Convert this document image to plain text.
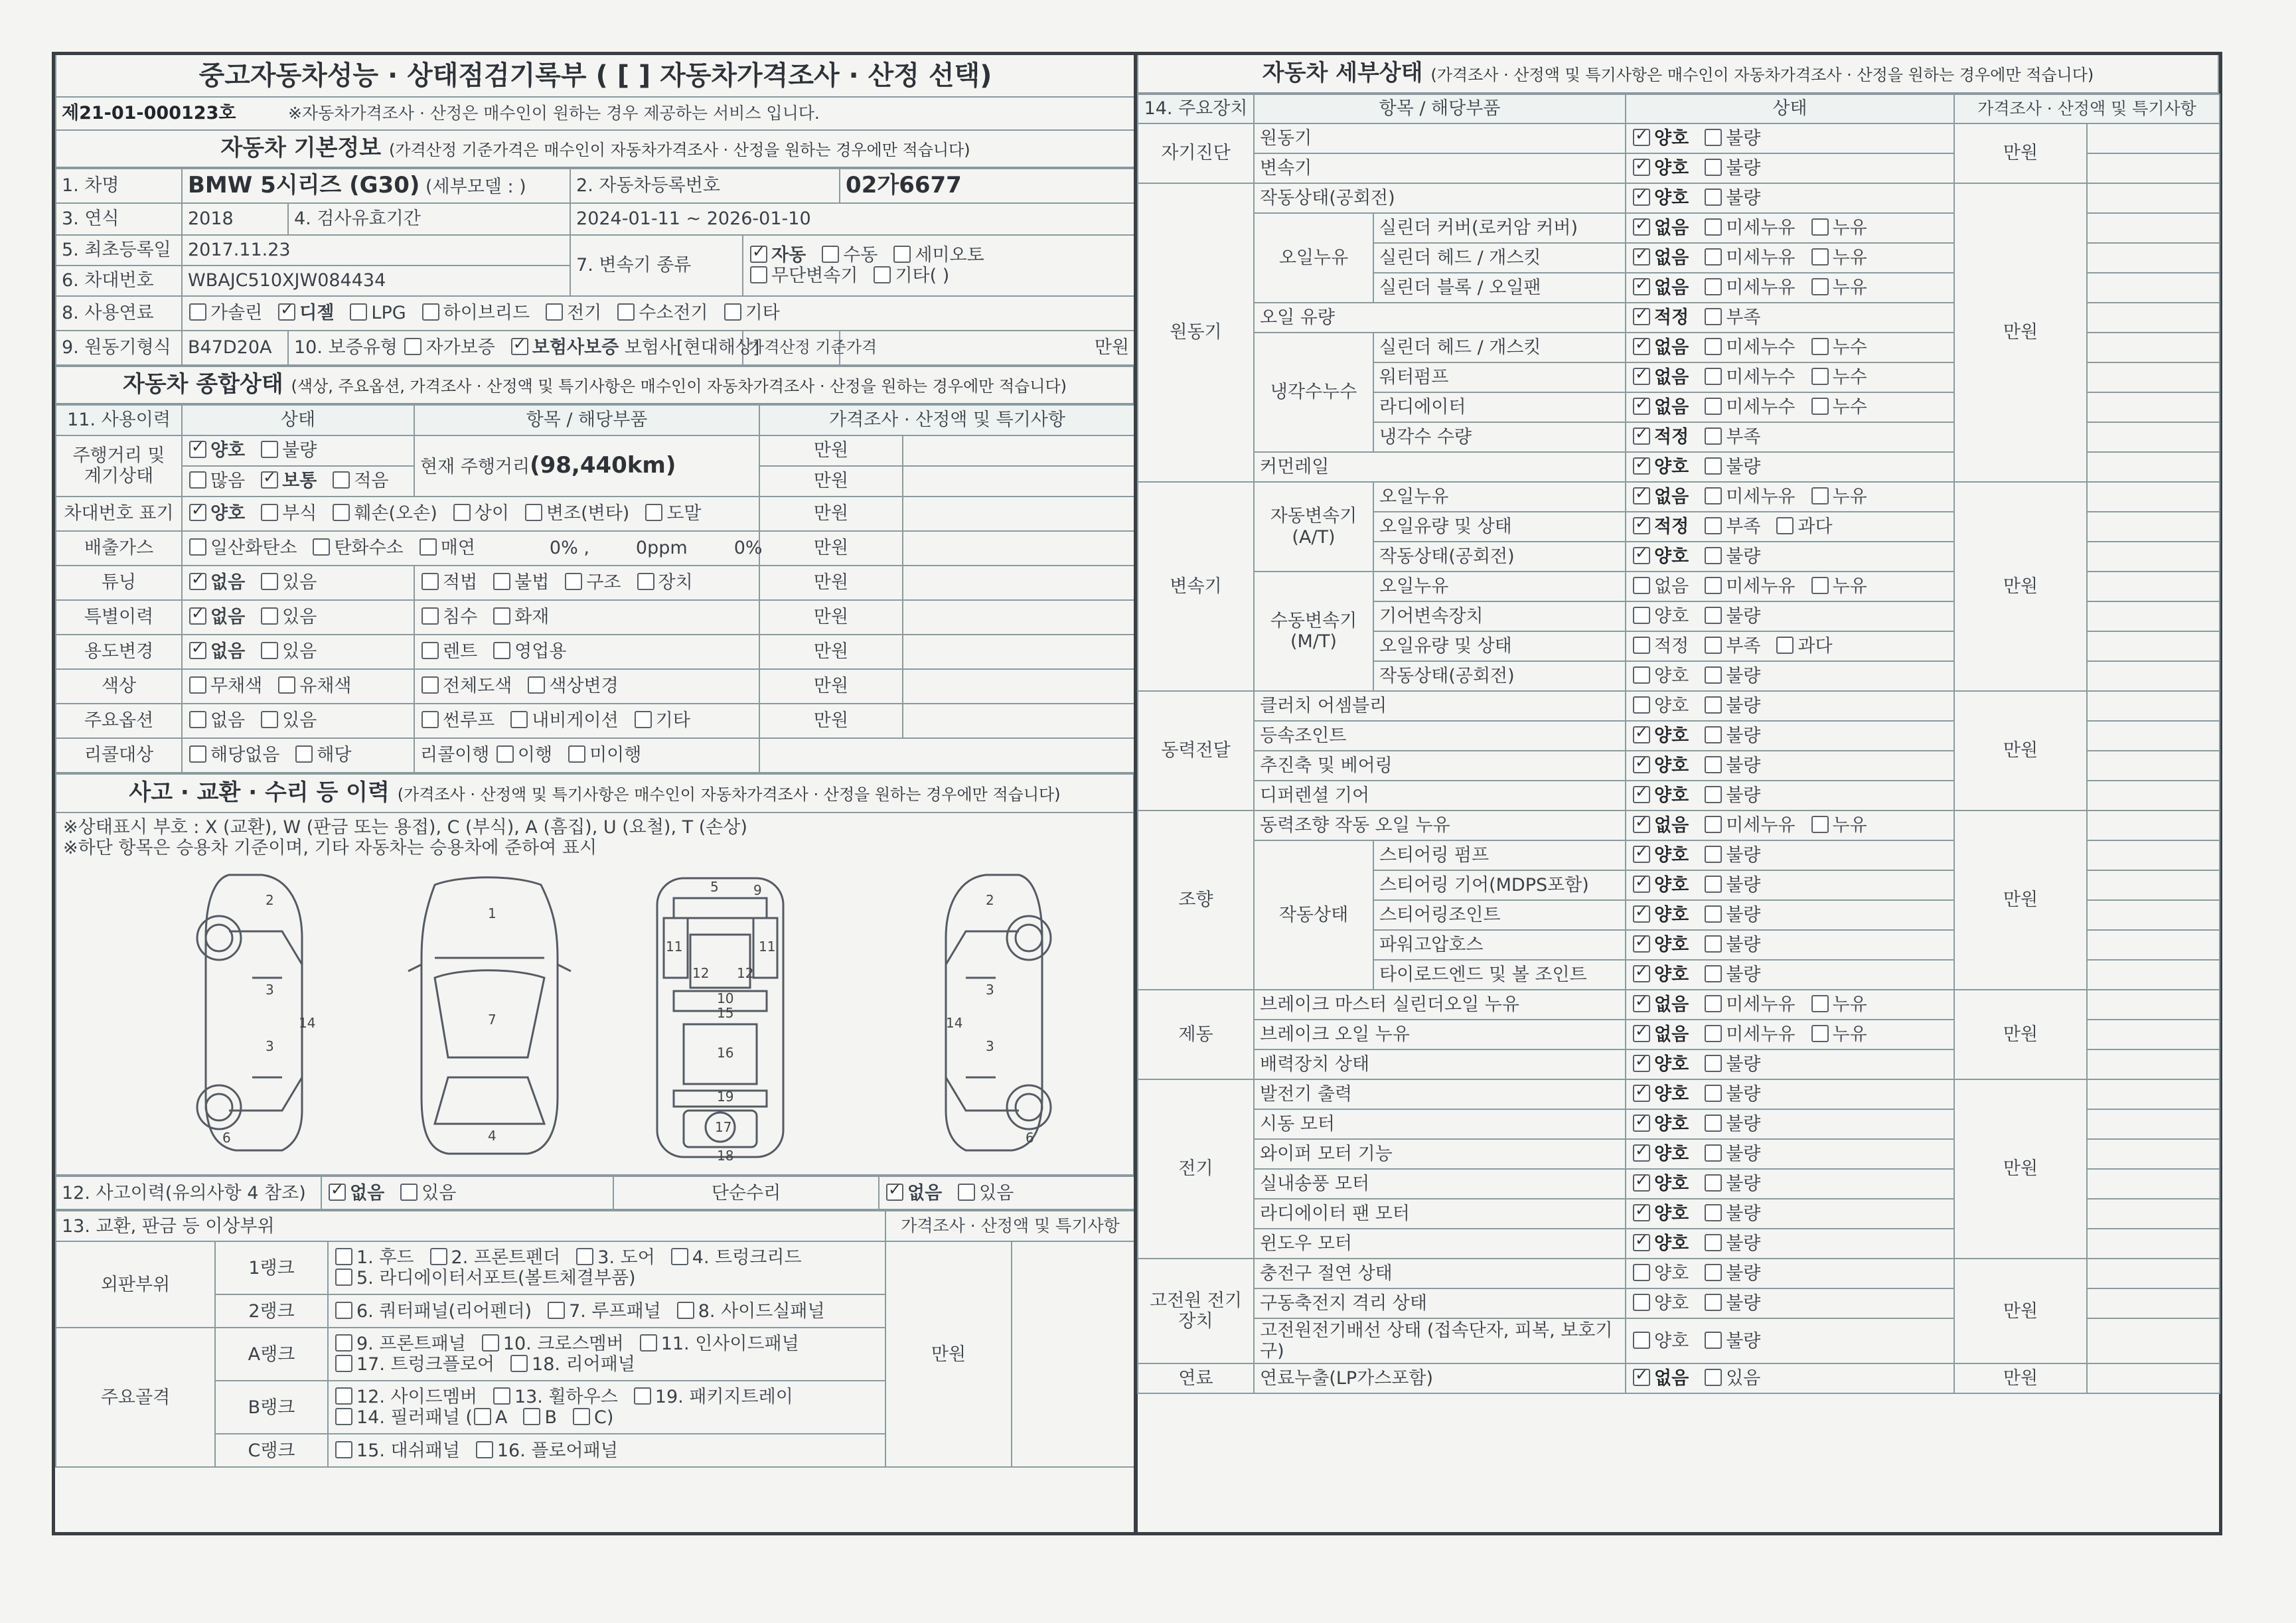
중고자동차성능 · 상태점검기록부 ( [ ] 자동차가격조사 · 산정 선택)
제21-01-000123호	※자동차가격조사 · 산정은 매수인이 원하는 경우 제공하는 서비스 입니다.
자동차 기본정보 (가격산정 기준가격은 매수인이 자동차가격조사 · 산정을 원하는 경우에만 적습니다)
1. 차명	BMW 5시리즈 (G30) (세부모델 : )		2. 자동차등록번호		02가6677
3. 연식	2018	4. 검사유효기간	2024-01-11 ~ 2026-01-10		
5. 최초등록일	2017.11.23		7. 변속기 종류	
✓자동 수동 세미오토
무단변속기 기타( )

6. 차대번호	WBAJC510XJW084434				
8. 사용연료	가솔린 ✓ 디젤 LPG 하이브리드 전기 수소전기 기타
9. 원동기형식	B47D20A	10. 보증유형 자가보증 ✓ 보험사보증 보험사[현대해상]		가격산정 기준가격	만원
자동차 종합상태 (색상, 주요옵션, 가격조사 · 산정액 및 특기사항은 매수인이 자동차가격조사 · 산정을 원하는 경우에만 적습니다)
11. 사용이력	상태	항목 / 해당부품	가격조사 · 산정액 및 특기사항	
주행거리 및 계기상태	✓양호 불량	현재 주행거리(98,440km)	만원	
	많음 ✓ 보통 적음		만원	
차대번호 표기	✓양호 부식 훼손(오손) 상이 변조(변타) 도말		만원	
배출가스	일산화탄소 탄화수소 매연 0% , 0ppm 0%		만원	
튜닝	✓없음 있음	적법 불법 구조 장치	만원	
특별이력	✓없음 있음	침수 화재	만원	
용도변경	✓없음 있음	렌트 영업용	만원	
색상	무채색 유채색	전체도색 색상변경	만원	
주요옵션	없음 있음	썬루프 내비게이션 기타	만원	
리콜대상	해당없음 해당	리콜이행 이행 미이행		
사고 · 교환 · 수리 등 이력 (가격조사 · 산정액 및 특기사항은 매수인이 자동차가격조사 · 산정을 원하는 경우에만 적습니다)

※상태표시 부호 : X (교환), W (판금 또는 용접), C (부식), A (흠집), U (요철), T (손상)
※하단 항목은 승용차 기준이며, 기타 자동차는 승용차에 준하여 표시
2
3
3
14
6
1
7
4
9
5
11	11
12 12
10
15
16
19
17
18
2
3
3
14
6
12. 사고이력(유의사항 4 참조)	✓없음 있음	단순수리	✓없음 있음
13. 교환, 판금 등 이상부위			가격조사 · 산정액 및 특기사항	
외판부위	1랭크	1. 후드 2. 프론트펜더 3. 도어 4. 트렁크리드
5. 라디에이터서포트(볼트체결부품)	만원	
	2랭크	6. 쿼터패널(리어펜더) 7. 루프패널 8. 사이드실패널		
주요골격	A랭크	9. 프론트패널 10. 크로스멤버 11. 인사이드패널
17. 트렁크플로어 18. 리어패널		

	B랭크	12. 사이드멤버 13. 휠하우스 19. 패키지트레이
14. 필러패널 ( A B C)		

	C랭크	15. 대쉬패널 16. 플로어패널		
자동차 세부상태 (가격조사 · 산정액 및 특기사항은 매수인이 자동차가격조사 · 산정을 원하는 경우에만 적습니다)
14. 주요장치	항목 / 해당부품		상태	가격조사 · 산정액 및 특기사항	
자기진단	원동기	✓양호 불량	만원	
	변속기	✓양호 불량	
원동기	작동상태(공회전)	✓양호 불량	만원	
	오일누유	실린더 커버(로커암 커버)	✓없음 미세누유 누유	
		실린더 헤드 / 개스킷	✓없음 미세누유 누유	
		실린더 블록 / 오일팬	✓없음 미세누유 누유	
	오일 유량	✓적정 부족	
	냉각수누수	실린더 헤드 / 개스킷	✓없음 미세누수 누수	
		워터펌프	✓없음 미세누수 누수	
		라디에이터	✓없음 미세누수 누수	
		냉각수 수량	✓적정 부족	
	커먼레일	✓양호 불량	
변속기	자동변속기 (A/T)	오일누유	✓없음 미세누유 누유	만원	
		오일유량 및 상태	✓적정 부족 과다	
		작동상태(공회전)	✓양호 불량	
	수동변속기 (M/T)	오일누유	없음 미세누유 누유		
		기어변속장치	양호 불량		
		오일유량 및 상태	적정 부족 과다		
		작동상태(공회전)	양호 불량		
동력전달	클러치 어셈블리		양호 불량	만원	
	등속조인트	✓양호 불량	
	추진축 및 베어링	✓양호 불량	
	디퍼렌셜 기어	✓양호 불량	
조향	동력조향 작동 오일 누유	✓없음 미세누유 누유	만원	
	작동상태	스티어링 펌프	✓양호 불량	
		스티어링 기어(MDPS포함)	✓양호 불량	
		스티어링조인트	✓양호 불량	
		파워고압호스	✓양호 불량	
		타이로드엔드 및 볼 조인트	✓양호 불량	
제동	브레이크 마스터 실린더오일 누유	✓없음 미세누유 누유	만원	
	브레이크 오일 누유	✓없음 미세누유 누유	
	배력장치 상태	✓양호 불량	
전기	발전기 출력	✓양호 불량	만원	
	시동 모터	✓양호 불량	
	와이퍼 모터 기능	✓양호 불량	
	실내송풍 모터	✓양호 불량	
	라디에이터 팬 모터	✓양호 불량	
	윈도우 모터	✓양호 불량	
고전원 전기장치	충전구 절연 상태		양호 불량	만원	
	구동축전지 격리 상태		양호 불량		
	고전원전기배선 상태 (접속단자, 피복, 보호기구)		양호 불량		
연료	연료누출(LP가스포함)	✓없음 있음	만원	
